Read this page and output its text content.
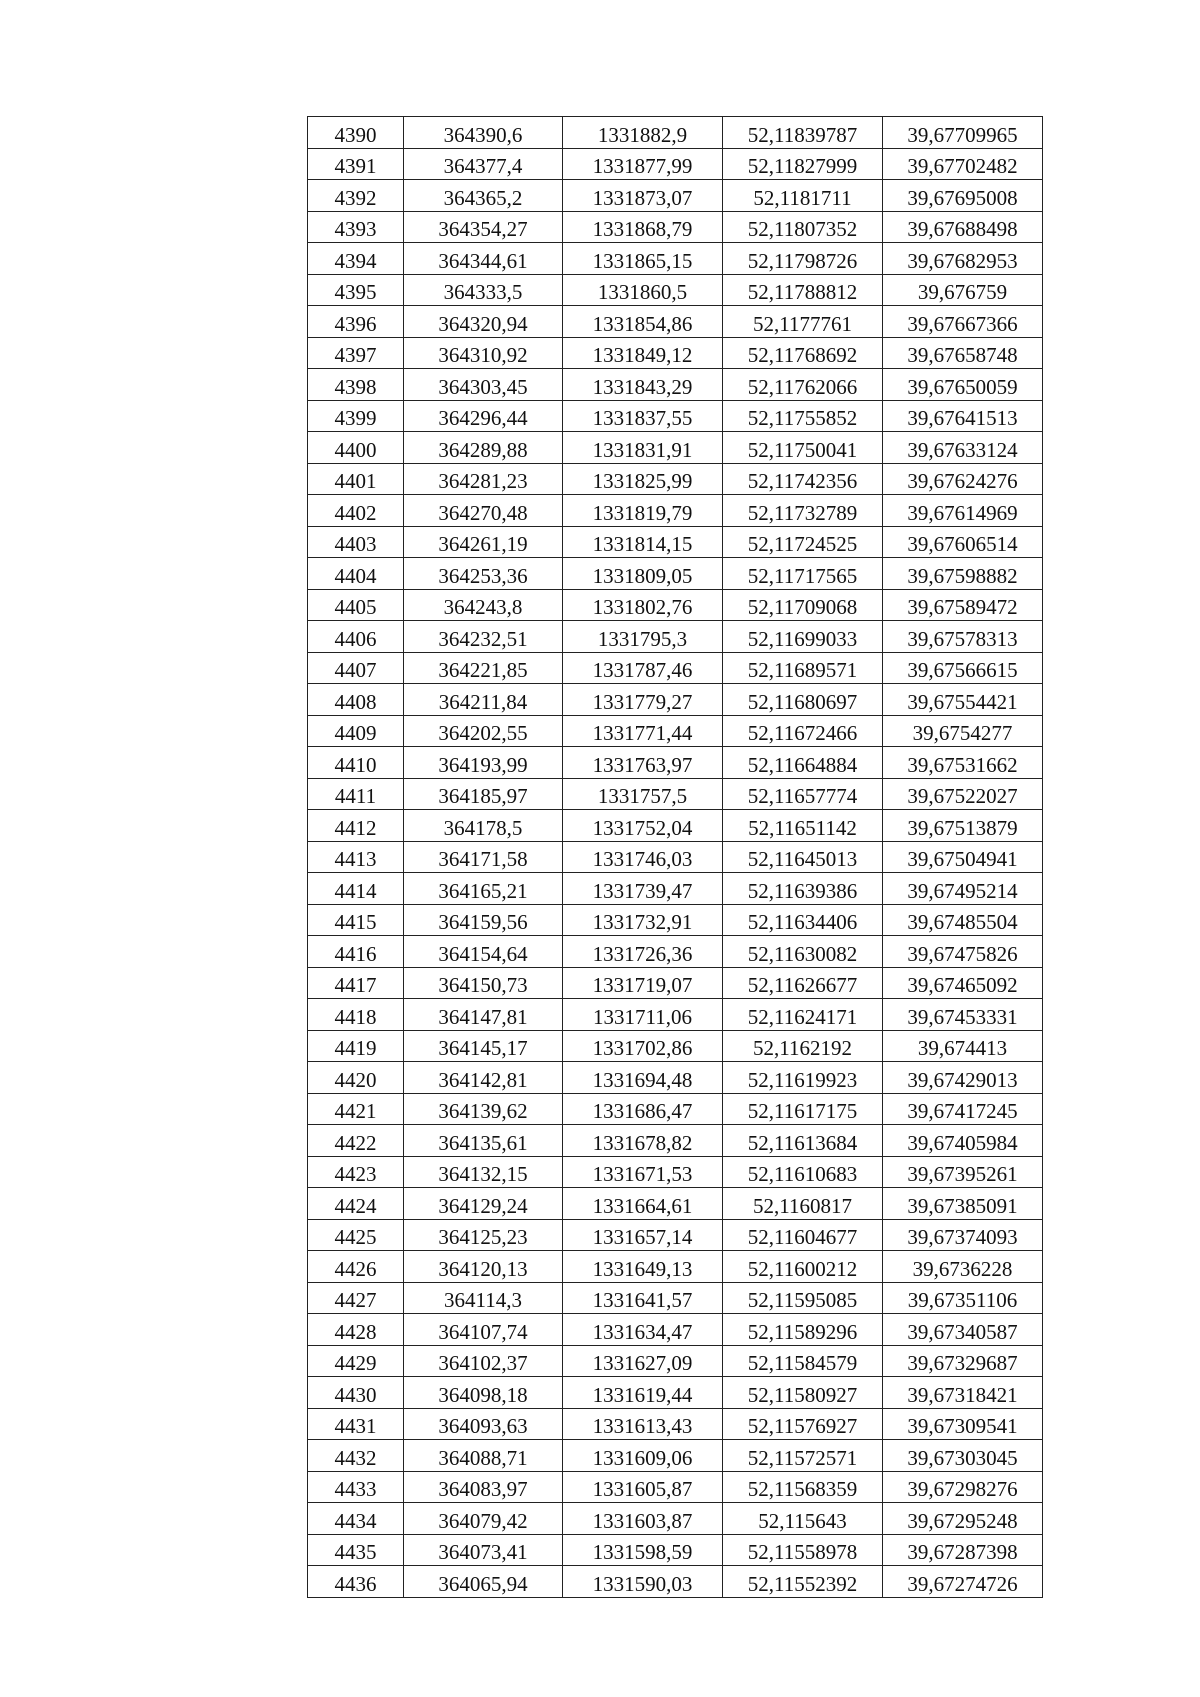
4390	364390,6	1331882,9	52,11839787	39,67709965
4391	364377,4	1331877,99	52,11827999	39,67702482
4392	364365,2	1331873,07	52,1181711	39,67695008
4393	364354,27	1331868,79	52,11807352	39,67688498
4394	364344,61	1331865,15	52,11798726	39,67682953
4395	364333,5	1331860,5	52,11788812	39,676759
4396	364320,94	1331854,86	52,1177761	39,67667366
4397	364310,92	1331849,12	52,11768692	39,67658748
4398	364303,45	1331843,29	52,11762066	39,67650059
4399	364296,44	1331837,55	52,11755852	39,67641513
4400	364289,88	1331831,91	52,11750041	39,67633124
4401	364281,23	1331825,99	52,11742356	39,67624276
4402	364270,48	1331819,79	52,11732789	39,67614969
4403	364261,19	1331814,15	52,11724525	39,67606514
4404	364253,36	1331809,05	52,11717565	39,67598882
4405	364243,8	1331802,76	52,11709068	39,67589472
4406	364232,51	1331795,3	52,11699033	39,67578313
4407	364221,85	1331787,46	52,11689571	39,67566615
4408	364211,84	1331779,27	52,11680697	39,67554421
4409	364202,55	1331771,44	52,11672466	39,6754277
4410	364193,99	1331763,97	52,11664884	39,67531662
4411	364185,97	1331757,5	52,11657774	39,67522027
4412	364178,5	1331752,04	52,11651142	39,67513879
4413	364171,58	1331746,03	52,11645013	39,67504941
4414	364165,21	1331739,47	52,11639386	39,67495214
4415	364159,56	1331732,91	52,11634406	39,67485504
4416	364154,64	1331726,36	52,11630082	39,67475826
4417	364150,73	1331719,07	52,11626677	39,67465092
4418	364147,81	1331711,06	52,11624171	39,67453331
4419	364145,17	1331702,86	52,1162192	39,674413
4420	364142,81	1331694,48	52,11619923	39,67429013
4421	364139,62	1331686,47	52,11617175	39,67417245
4422	364135,61	1331678,82	52,11613684	39,67405984
4423	364132,15	1331671,53	52,11610683	39,67395261
4424	364129,24	1331664,61	52,1160817	39,67385091
4425	364125,23	1331657,14	52,11604677	39,67374093
4426	364120,13	1331649,13	52,11600212	39,6736228
4427	364114,3	1331641,57	52,11595085	39,67351106
4428	364107,74	1331634,47	52,11589296	39,67340587
4429	364102,37	1331627,09	52,11584579	39,67329687
4430	364098,18	1331619,44	52,11580927	39,67318421
4431	364093,63	1331613,43	52,11576927	39,67309541
4432	364088,71	1331609,06	52,11572571	39,67303045
4433	364083,97	1331605,87	52,11568359	39,67298276
4434	364079,42	1331603,87	52,115643	39,67295248
4435	364073,41	1331598,59	52,11558978	39,67287398
4436	364065,94	1331590,03	52,11552392	39,67274726
